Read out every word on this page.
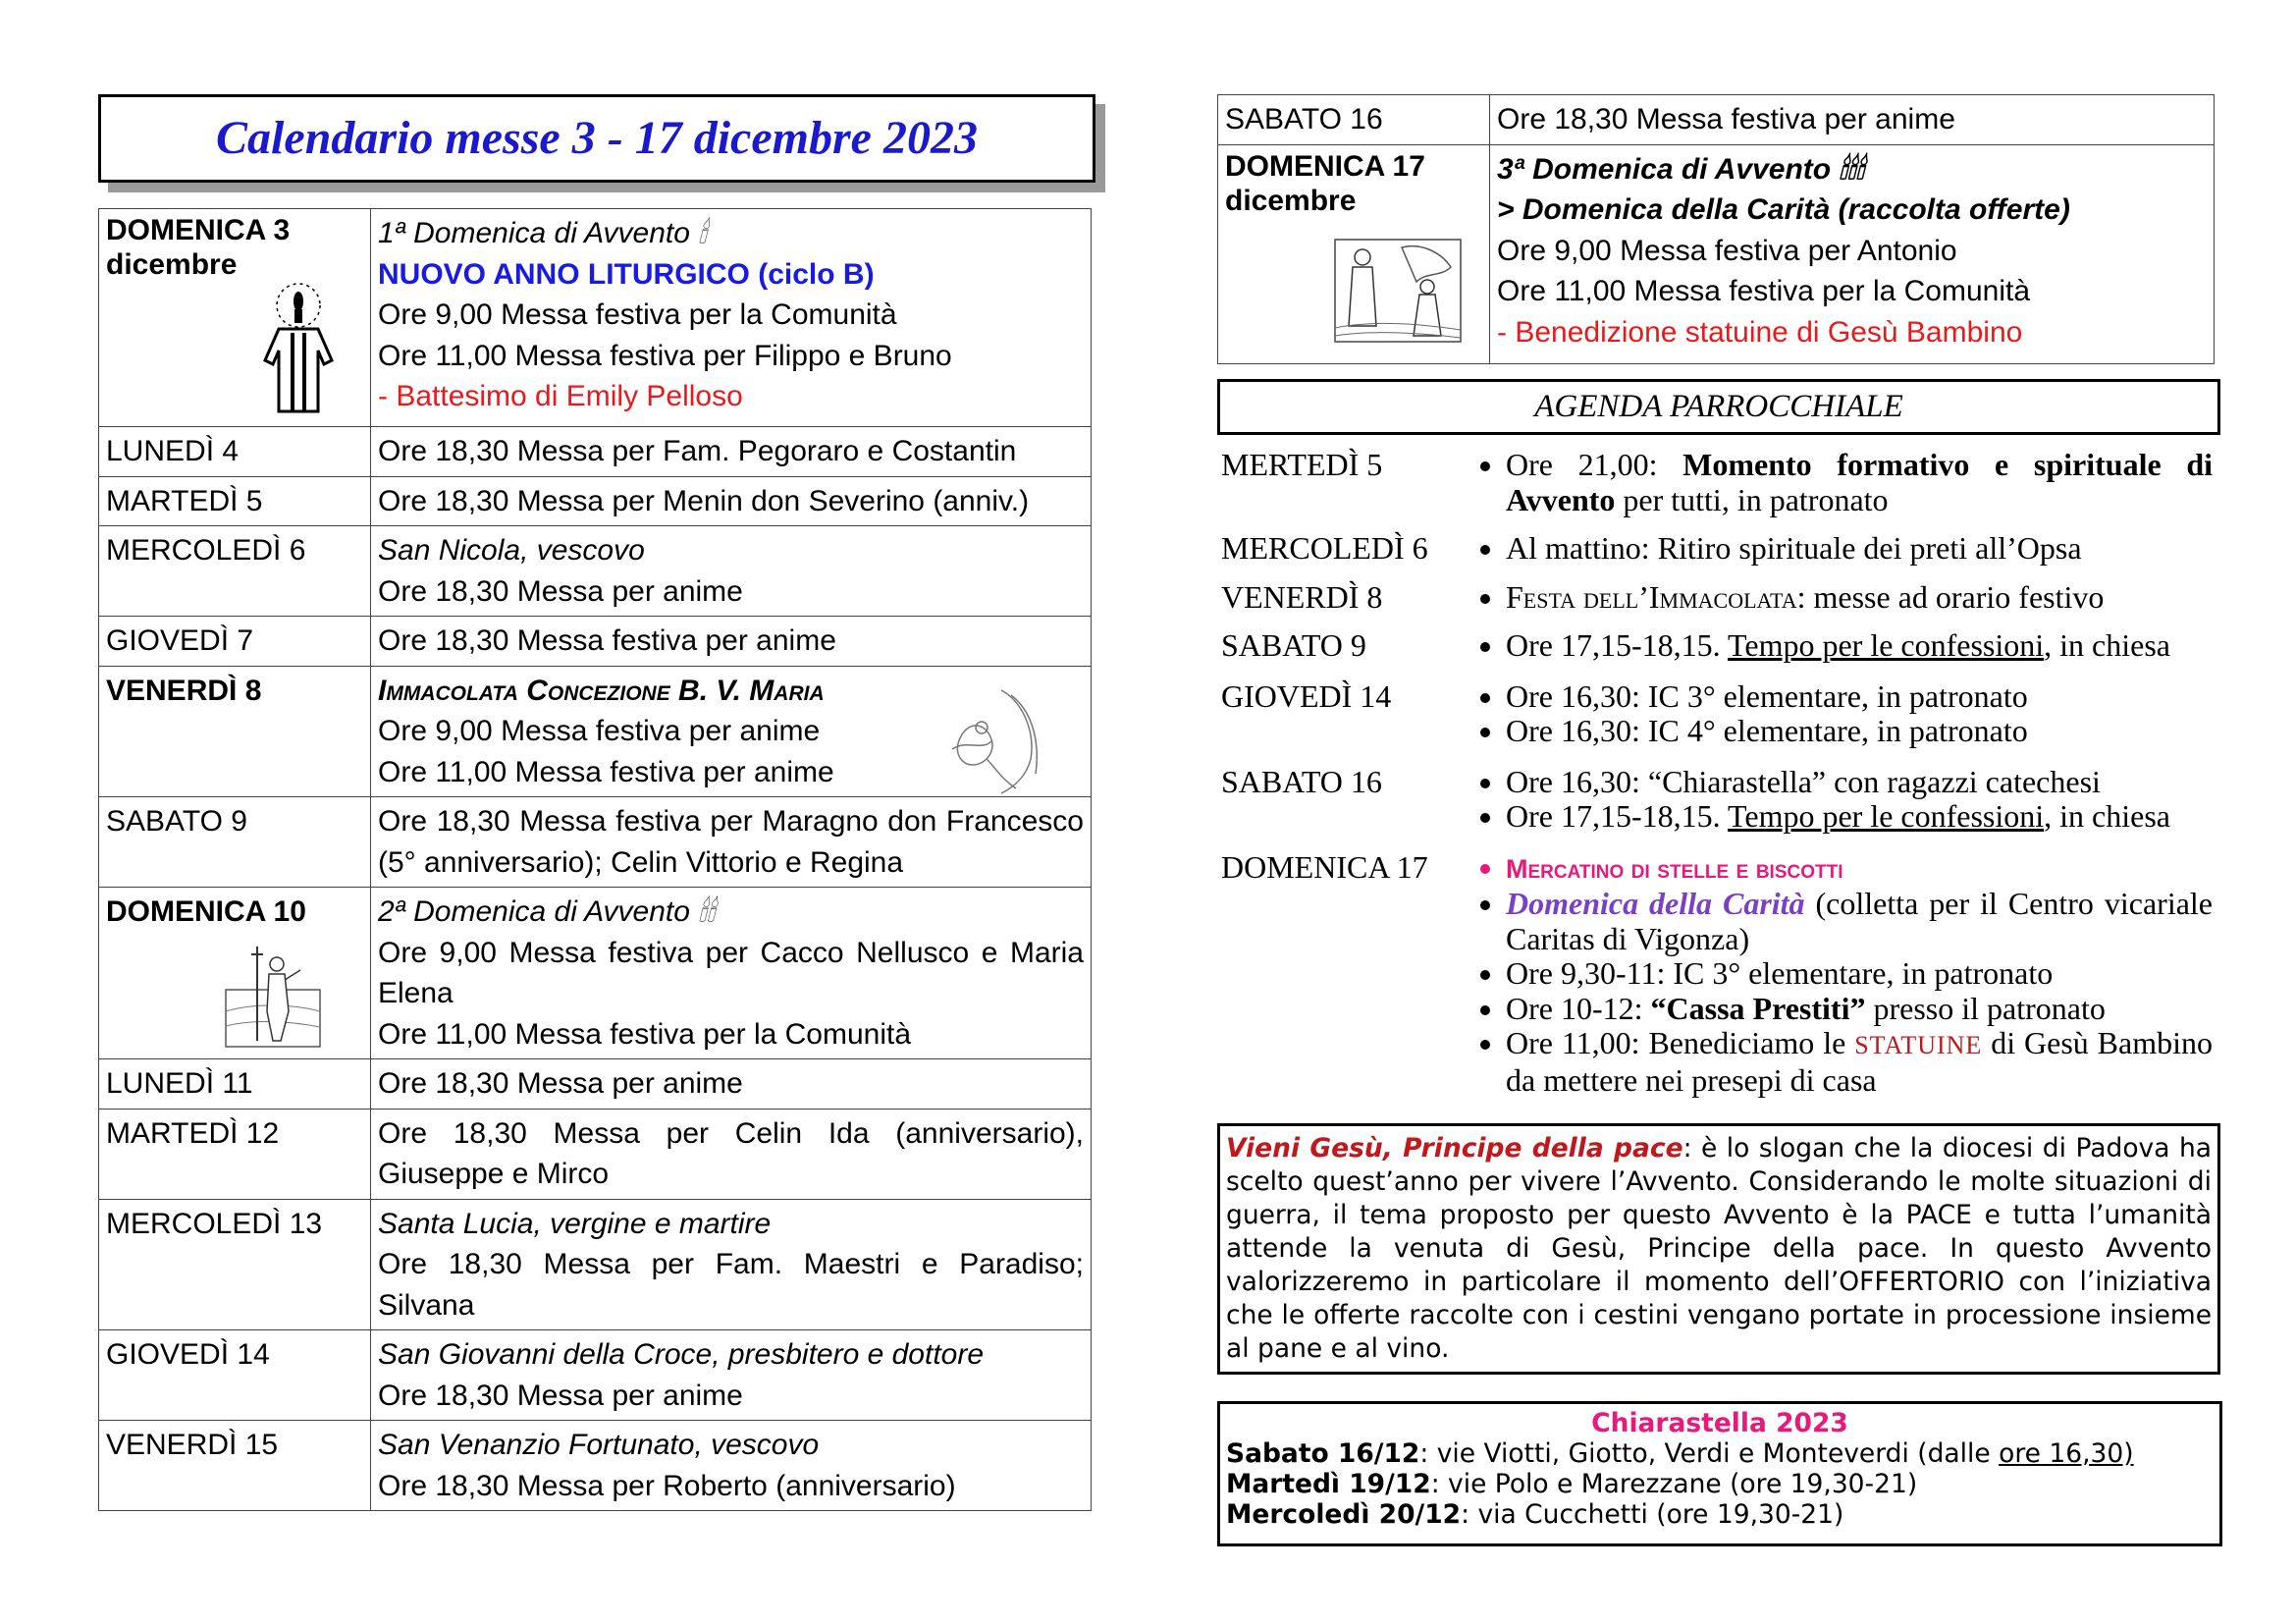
Calendario messe 3 - 17 dicembre 2023
DOMENICA 3 dicembre	1ª Domenica di Avvento 🕯
NUOVO ANNO LITURGICO (ciclo B)
Ore 9,00 Messa festiva per la Comunità
Ore 11,00 Messa festiva per Filippo e Bruno
- Battesimo di Emily Pelloso

LUNEDÌ 4	Ore 18,30 Messa per Fam. Pegoraro e Costantin
MARTEDÌ 5	Ore 18,30 Messa per Menin don Severino (anniv.)
MERCOLEDÌ 6	San Nicola, vescovo
Ore 18,30 Messa per anime

GIOVEDÌ 7	Ore 18,30 Messa festiva per anime
VENERDÌ 8	Immacolata Concezione B. V. Maria
Ore 9,00 Messa festiva per anime
Ore 11,00 Messa festiva per anime

SABATO 9	Ore 18,30 Messa festiva per Maragno don Francesco (5° anniversario); Celin Vittorio e Regina

DOMENICA 10	2ª Domenica di Avvento 🕯🕯
Ore 9,00 Messa festiva per Cacco Nellusco e Maria Elena
Ore 11,00 Messa festiva per la Comunità

LUNEDÌ 11	Ore 18,30 Messa per anime
MARTEDÌ 12	Ore 18,30 Messa per Celin Ida (anniversario), Giuseppe e Mirco
MERCOLEDÌ 13	Santa Lucia, vergine e martire
Ore 18,30 Messa per Fam. Maestri e Paradiso; Silvana

GIOVEDÌ 14	San Giovanni della Croce, presbitero e dottore
Ore 18,30 Messa per anime

VENERDÌ 15	San Venanzio Fortunato, vescovo
Ore 18,30 Messa per Roberto (anniversario)
SABATO 16	Ore 18,30 Messa festiva per anime

DOMENICA 17 dicembre	3ª Domenica di Avvento 🕯🕯🕯
> Domenica della Carità (raccolta offerte)
Ore 9,00 Messa festiva per Antonio
Ore 11,00 Messa festiva per la Comunità
- Benedizione statuine di Gesù Bambino
AGENDA PARROCCHIALE
MERTEDÌ 5	• Ore 21,00: Momento formativo e spirituale di Avvento per tutti, in patronato
MERCOLEDÌ 6	• Al mattino: Ritiro spirituale dei preti all’Opsa
VENERDÌ 8	• Festa dell’Immacolata: messe ad orario festivo
SABATO 9	• Ore 17,15-18,15. Tempo per le confessioni, in chiesa
GIOVEDÌ 14	• Ore 16,30: IC 3° elementare, in patronato
• Ore 16,30: IC 4° elementare, in patronato
SABATO 16	• Ore 16,30: “Chiarastella” con ragazzi catechesi
• Ore 17,15-18,15. Tempo per le confessioni, in chiesa
DOMENICA 17	• Mercatino di stelle e biscotti
• Domenica della Carità (colletta per il Centro vicariale Caritas di Vigonza)
• Ore 9,30-11: IC 3° elementare, in patronato
• Ore 10-12: “Cassa Prestiti” presso il patronato
• Ore 11,00: Benediciamo le STATUINE di Gesù Bambino da mettere nei presepi di casa
Vieni Gesù, Principe della pace: è lo slogan che la diocesi di Padova ha scelto quest’anno per vivere l’Avvento. Considerando le molte situazioni di guerra, il tema proposto per questo Avvento è la PACE e tutta l’umanità attende la venuta di Gesù, Principe della pace. In questo Avvento valorizzeremo in particolare il momento dell’OFFERTORIO con l’iniziativa che le offerte raccolte con i cestini vengano portate in processione insieme al pane e al vino.
Chiarastella 2023
Sabato 16/12: vie Viotti, Giotto, Verdi e Monteverdi (dalle ore 16,30)
Martedì 19/12: vie Polo e Marezzane (ore 19,30-21)
Mercoledì 20/12: via Cucchetti (ore 19,30-21)
